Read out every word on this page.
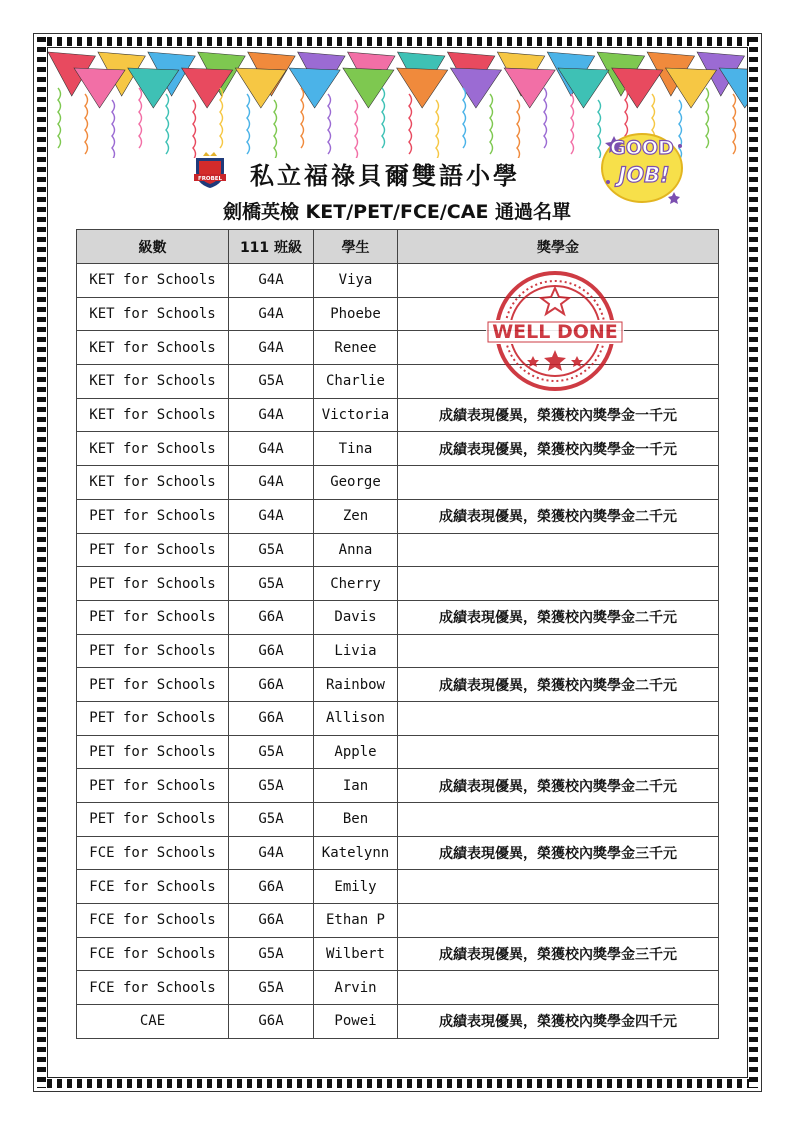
GOOD
JOB!
FROBEL 私立福祿貝爾雙語小學
劍橋英檢 KET/PET/FCE/CAE 通過名單
級數	111 班級	學生	獎學金
KET for Schools	G4A	Viya	
KET for Schools	G4A	Phoebe	
KET for Schools	G4A	Renee	
KET for Schools	G5A	Charlie	
KET for Schools	G4A	Victoria	成績表現優異，榮獲校內獎學金一千元
KET for Schools	G4A	Tina	成績表現優異，榮獲校內獎學金一千元
KET for Schools	G4A	George	
PET for Schools	G4A	Zen	成績表現優異，榮獲校內獎學金二千元
PET for Schools	G5A	Anna	
PET for Schools	G5A	Cherry	
PET for Schools	G6A	Davis	成績表現優異，榮獲校內獎學金二千元
PET for Schools	G6A	Livia	
PET for Schools	G6A	Rainbow	成績表現優異，榮獲校內獎學金二千元
PET for Schools	G6A	Allison	
PET for Schools	G5A	Apple	
PET for Schools	G5A	Ian	成績表現優異，榮獲校內獎學金二千元
PET for Schools	G5A	Ben	
FCE for Schools	G4A	Katelynn	成績表現優異，榮獲校內獎學金三千元
FCE for Schools	G6A	Emily	
FCE for Schools	G6A	Ethan P	
FCE for Schools	G5A	Wilbert	成績表現優異，榮獲校內獎學金三千元
FCE for Schools	G5A	Arvin	
CAE	G6A	Powei	成績表現優異，榮獲校內獎學金四千元
WELL DONE
